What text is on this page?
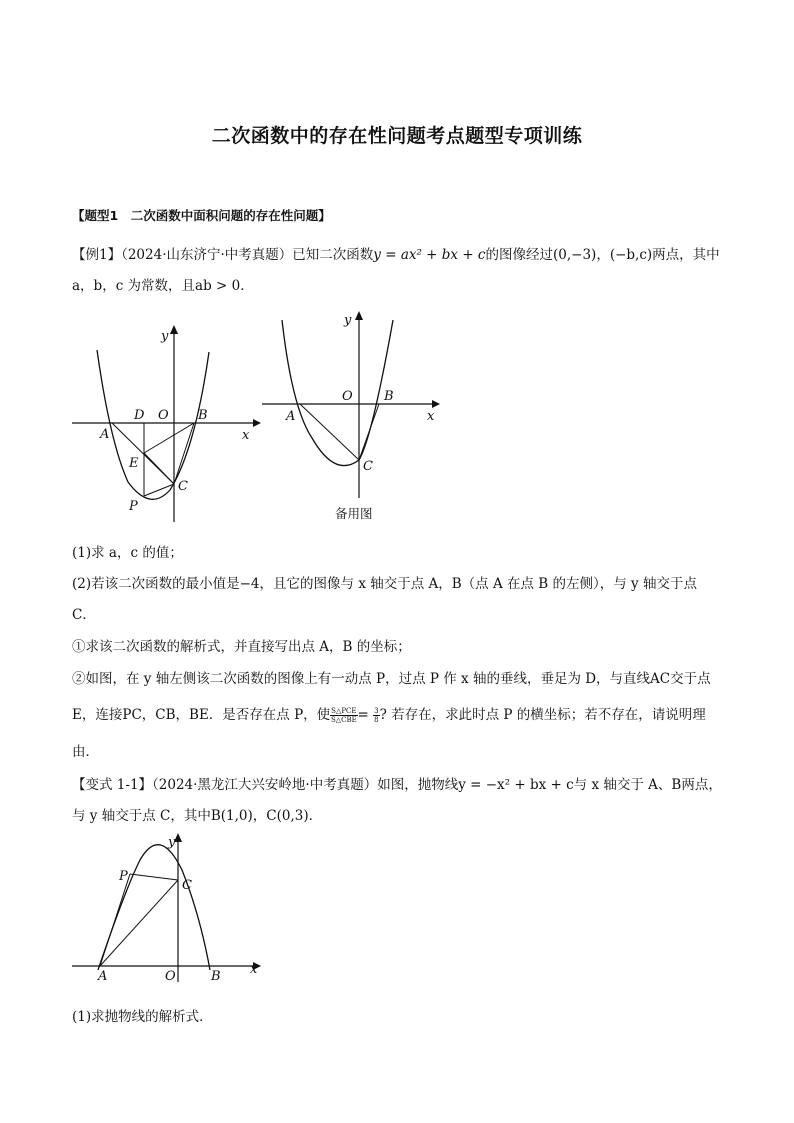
二次函数中的存在性问题考点题型专项训练
【题型1　二次函数中面积问题的存在性问题】
【例1】（2024·山东济宁·中考真题）已知二次函数y = ax² + bx + c的图像经过(0,−3)，(−b,c)两点，其中
a，b，c 为常数，且ab > 0．
y
x
D O B
A
E
C
P
y
x
O B
A
C
备用图
(1)求 a，c 的值；
(2)若该二次函数的最小值是−4，且它的图像与 x 轴交于点 A，B（点 A 在点 B 的左侧），与 y 轴交于点
C．
①求该二次函数的解析式，并直接写出点 A，B 的坐标；
②如图，在 y 轴左侧该二次函数的图像上有一动点 P，过点 P 作 x 轴的垂线，垂足为 D，与直线AC交于点
E，连接PC，CB，BE．是否存在点 P，使 $\frac{\text{S△PCE}}{\text{S△CBE}} = \frac{3}{8}$ ? 若存在，求此时点 P 的横坐标；若不存在，请说明理
由．
【变式 1-1】（2024·黑龙江大兴安岭地·中考真题）如图，抛物线y = −x² + bx + c与 x 轴交于 A、B两点，
与 y 轴交于点 C，其中B(1,0)，C(0,3)．
y
x
P
C
A	O	B
(1)求抛物线的解析式．
